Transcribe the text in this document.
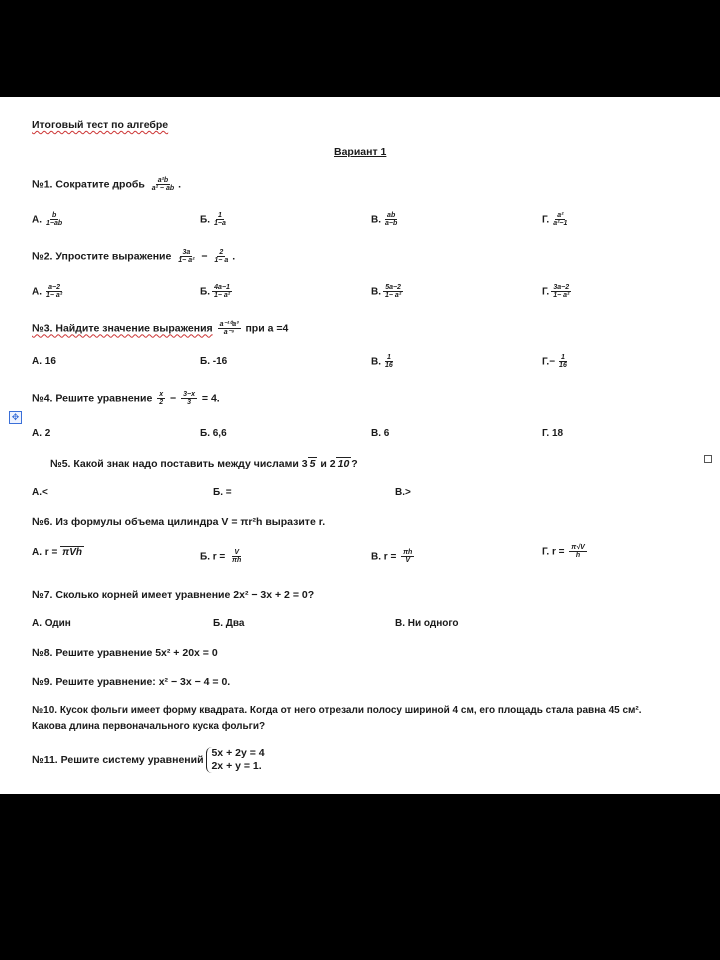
Итоговый тест по алгебре
Вариант 1
№1. Сократите дробь $\frac{\text{a²b}}{\text{a² − ab}}$ .
А. $\frac{b}{1-ab}$	Б. $\frac{1}{1-a}$	В. $\frac{ab}{a-b}$	Г. $\frac{\text{a²}}{\text{a²−1}}$
№2. Упростите выражение $\frac{3a}{\text{1− a²}} - \frac{2}{1- a}$ .
А. $\frac{a-2}{\text{1− a²}}$	Б. $\frac{4a-1}{\text{1− a²}}$	В. $\frac{5a-2}{\text{1− a²}}$	Г. $\frac{3a-2}{\text{1− a²}}$
№3. Найдите значение выражения $\frac{\text{a⁻¹⁰a³}}{\text{a⁻⁸}}$ при a =4
А. 16	Б. -16	В. $\frac{1}{16}$	$Г.- \frac{1}{16}$
№4. Решите уравнение $\frac{x}{2} - \frac{3-x}{3} = 4$.
А. 2	Б. 6,6	В. 6	Г. 18
№5. Какой знак надо поставить между числами 3 5 и 2 10 ?
А.<	Б. =	В.>
№6. Из формулы объема цилиндра V = πr²h выразите r.
А. r = πVh	Б. $r = \frac{V}{\pi h}$	В. $r = \frac{\pi h}{V}$	Г. $r = \frac{\pi√V}{h}$
№7. Сколько корней имеет уравнение 2x² − 3x + 2 = 0?
А. Один	Б. Два	В. Ни одного
№8. Решите уравнение 5x² + 20x = 0
№9. Решите уравнение: x² − 3x − 4 = 0.
№10. Кусок фольги имеет форму квадрата. Когда от него отрезали полосу шириной 4 см, его площадь стала равна 45 см².
Какова длина первоначального куска фольги?
№11. Решите систему уравнений
5x + 2y = 4
2x + y = 1.
✥
